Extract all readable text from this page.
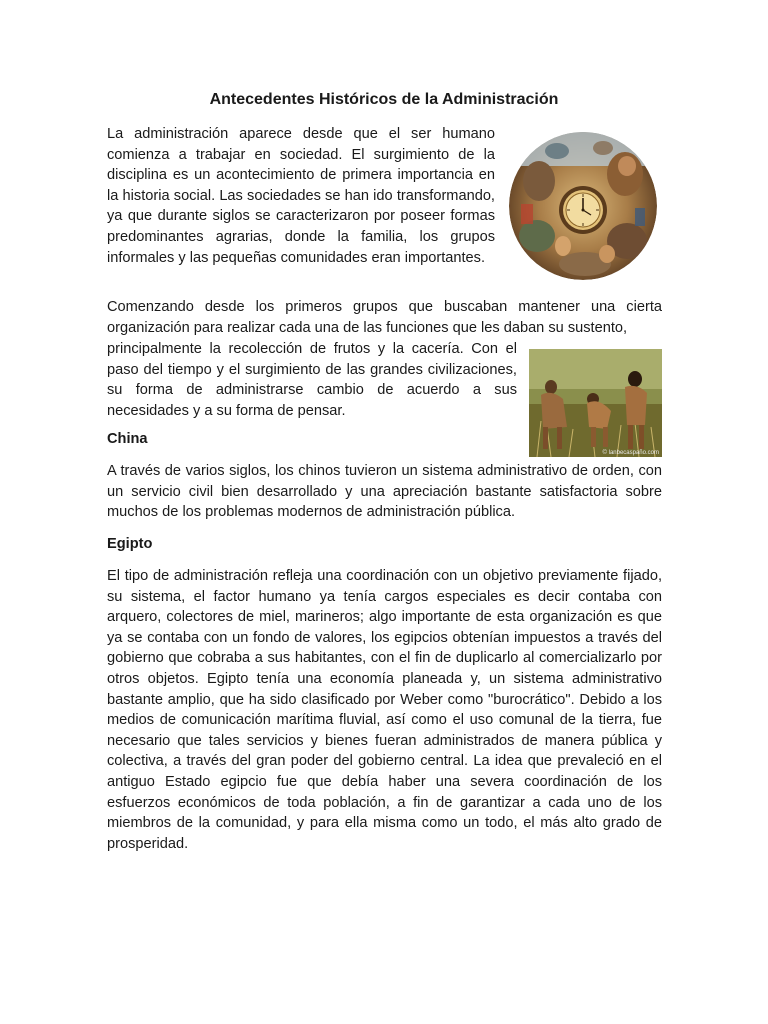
Antecedentes Históricos de la Administración

La administración aparece desde que el ser humano comienza a trabajar en sociedad. El surgimiento de la disciplina es un acontecimiento de primera importancia en la historia social. Las sociedades se han ido transformando, ya que durante siglos se caracterizaron por poseer formas predominantes agrarias, donde la familia, los grupos informales y las pequeñas comunidades eran importantes.

Comenzando desde los primeros grupos que buscaban mantener una cierta organización para realizar cada una de las funciones que les daban su sustento,

principalmente la recolección de frutos y la cacería. Con el paso del tiempo y el surgimiento de las grandes civilizaciones, su forma de administrarse cambio de acuerdo a sus necesidades y a su forma de pensar.

© lanbecaspaño.com
China

A través de varios siglos, los chinos tuvieron un sistema administrativo de orden, con un servicio civil bien desarrollado y una apreciación bastante satisfactoria sobre muchos de los problemas modernos de administración pública.

Egipto

El tipo de administración refleja una coordinación con un objetivo previamente fijado, su sistema, el factor humano ya tenía cargos especiales es decir contaba con arquero, colectores de miel, marineros; algo importante de esta organización es que ya se contaba con un fondo de valores, los egipcios obtenían impuestos a través del gobierno que cobraba a sus habitantes, con el fin de duplicarlo al comercializarlo por otros objetos. Egipto tenía una economía planeada y, un sistema administrativo bastante amplio, que ha sido clasificado por Weber como "burocrático". Debido a los medios de comunicación marítima fluvial, así como el uso comunal de la tierra, fue necesario que tales servicios y bienes fueran administrados de manera pública y colectiva, a través del gran poder del gobierno central. La idea que prevaleció en el antiguo Estado egipcio fue que debía haber una severa coordinación de los esfuerzos económicos de toda población, a fin de garantizar a cada uno de los miembros de la comunidad, y para ella misma como un todo, el más alto grado de prosperidad.
